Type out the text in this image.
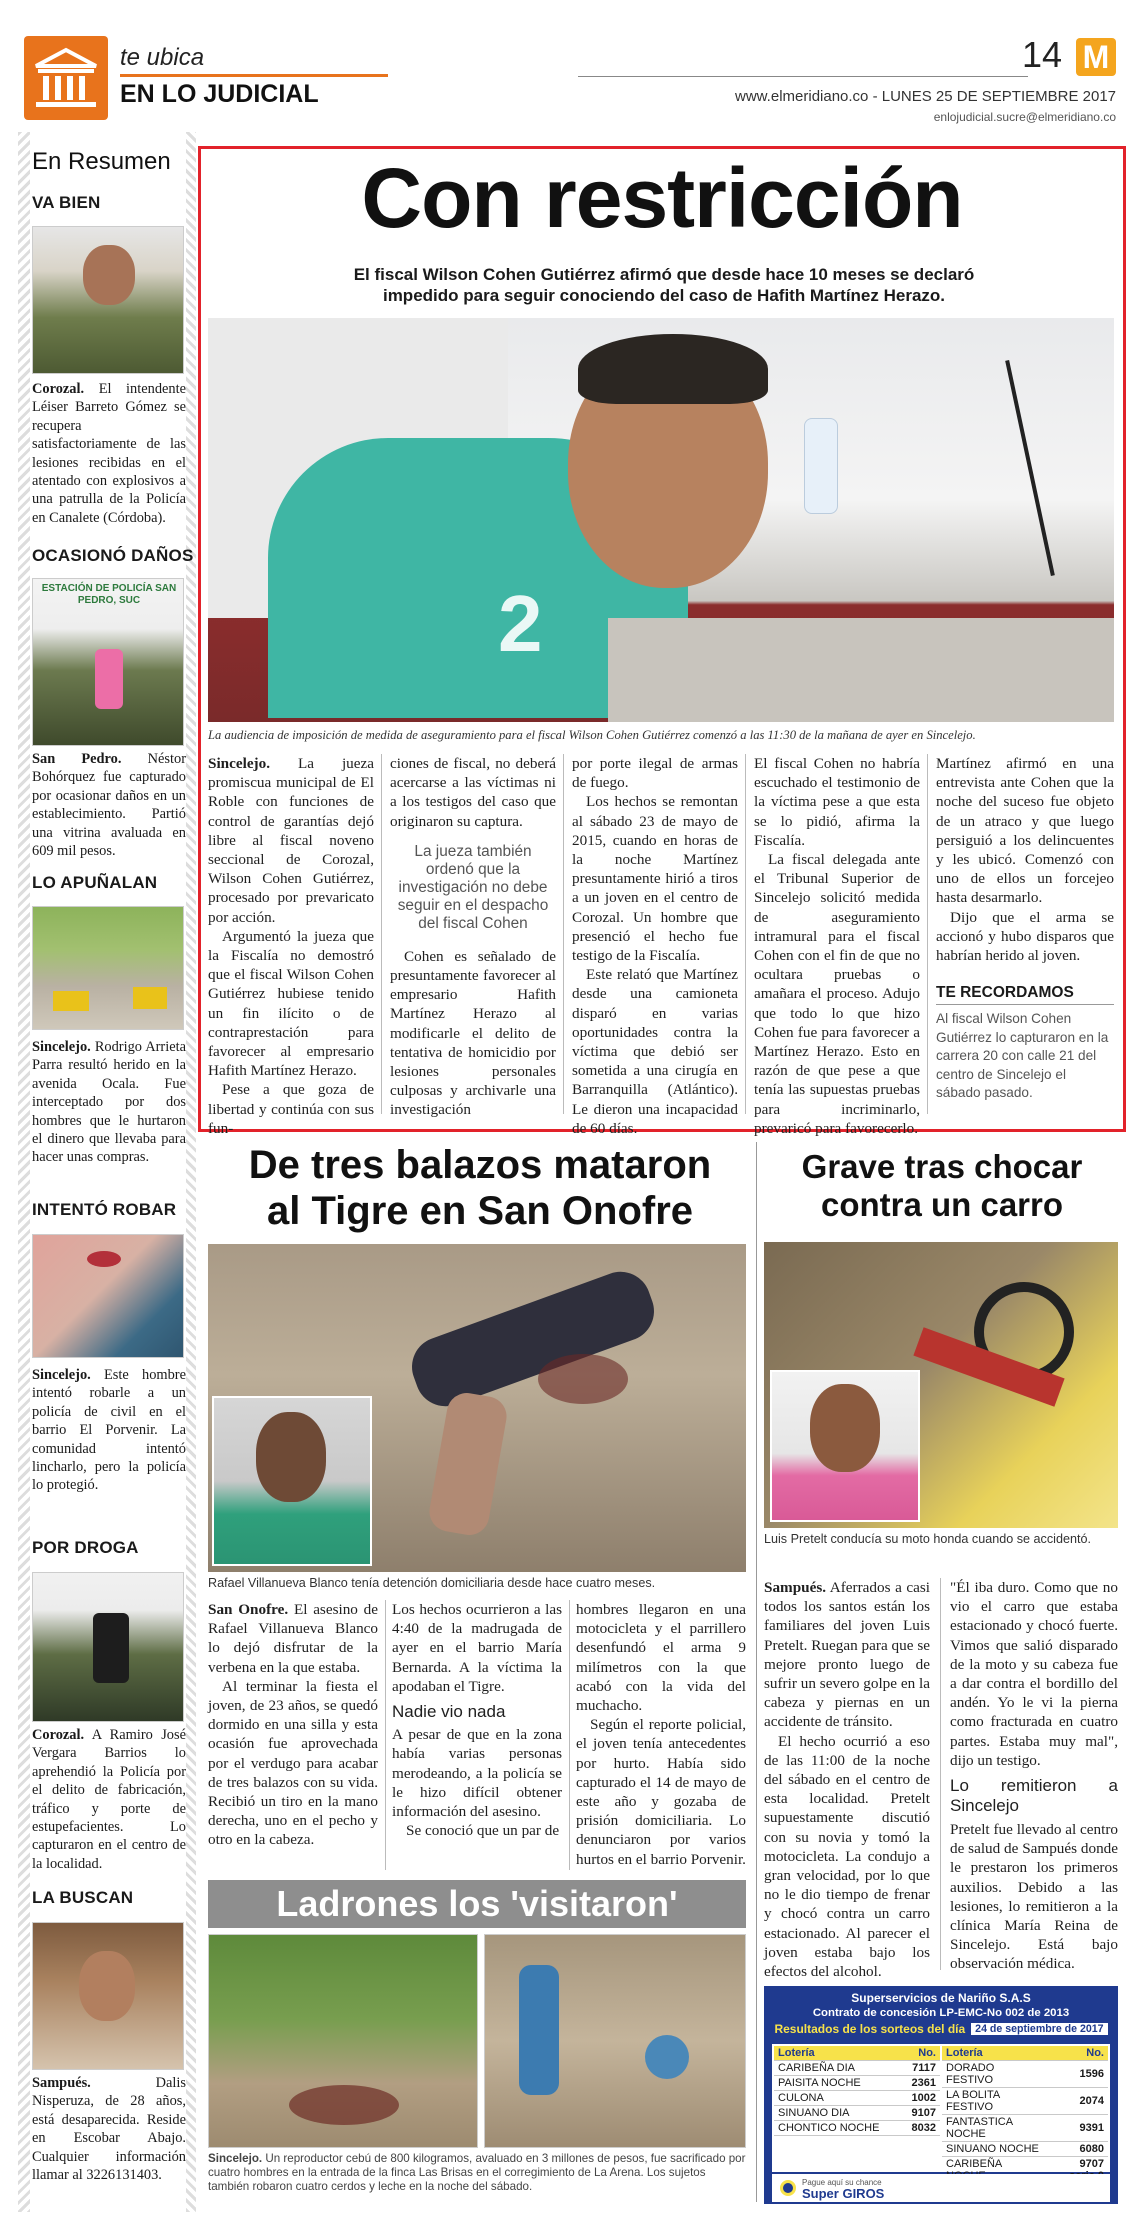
te ubica
EN LO JUDICIAL
14 M
www.elmeridiano.co - LUNES 25 DE SEPTIEMBRE 2017
enlojudicial.sucre@elmeridiano.co
En Resumen
VA BIEN
Corozal. El intendente Léiser Barreto Gómez se recupera satisfactoriamente de las lesiones recibidas en el atentado con explosivos a una patrulla de la Policía en Canalete (Córdoba).
OCASIONÓ DAÑOS
ESTACIÓN DE POLICÍA SAN PEDRO, SUC
San Pedro. Néstor Bohórquez fue capturado por ocasionar daños en un establecimiento. Partió una vitrina avaluada en 609 mil pesos.
LO APUÑALAN
Sincelejo. Rodrigo Arrieta Parra resultó herido en la avenida Ocala. Fue interceptado por dos hombres que le hurtaron el dinero que llevaba para hacer unas compras.
INTENTÓ ROBAR
Sincelejo. Este hombre intentó robarle a un policía de civil en el barrio El Porvenir. La comunidad intentó lincharlo, pero la policía lo protegió.
POR DROGA
Corozal. A Ramiro José Vergara Barrios lo aprehendió la Policía por el delito de fabricación, tráfico y porte de estupefacientes. Lo capturaron en el centro de la localidad.
LA BUSCAN
Sampués.	Dalis Nisperuza, de 28 años, está desaparecida. Reside en Escobar Abajo. Cualquier información llamar al 3226131403.
Con restricción
El fiscal Wilson Cohen Gutiérrez afirmó que desde hace 10 meses se declaró impedido para seguir conociendo del caso de Hafith Martínez Herazo.
2
La audiencia de imposición de medida de aseguramiento para el fiscal Wilson Cohen Gutiérrez comenzó a las 11:30 de la mañana de ayer en Sincelejo.

Sincelejo. La jueza promiscua municipal de El Roble con funciones de control de garantías dejó libre al fiscal noveno seccional de Corozal, Wilson Cohen Gutiérrez, procesado por prevaricato por acción.

Argumentó la jueza que la Fiscalía no demostró que el fiscal Wilson Cohen Gutiérrez hubiese tenido un fin ilícito o de contraprestación para favorecer al empresario Hafith Martínez Herazo.

Pese a que goza de libertad y continúa con sus fun-

ciones de fiscal, no deberá acercarse a las víctimas ni a los testigos del caso que originaron su captura.

La jueza también ordenó que la investigación no debe seguir en el despacho del fiscal Cohen

Cohen es señalado de presuntamente favorecer al empresario Hafith Martínez Herazo al modificarle el delito de tentativa de homicidio por lesiones personales culposas y archivarle una investigación

por porte ilegal de armas de fuego.

Los hechos se remontan al sábado 23 de mayo de 2015, cuando en horas de la noche Martínez presuntamente hirió a tiros a un joven en el centro de Corozal. Un hombre que presenció el hecho fue testigo de la Fiscalía.

Este relató que Martínez desde una camioneta disparó en varias oportunidades contra la víctima que debió ser sometida a una cirugía en Barranquilla (Atlántico). Le dieron una incapacidad de 60 días.

El fiscal Cohen no habría escuchado el testimonio de la víctima pese a que esta se lo pidió, afirma la Fiscalía.

La fiscal delegada ante el Tribunal Superior de Sincelejo solicitó medida de aseguramiento intramural para el fiscal Cohen con el fin de que no ocultara pruebas o amañara el proceso. Adujo que todo lo que hizo Cohen fue para favorecer a Martínez Herazo. Esto en razón de que pese a que tenía las supuestas pruebas para incriminarlo, prevaricó para favorecerlo.

Martínez afirmó en una entrevista ante Cohen que la noche del suceso fue objeto de un atraco y que luego persiguió a los delincuentes y les ubicó. Comenzó con uno de ellos un forcejeo hasta desarmarlo.

Dijo que el arma se accionó y hubo disparos que habrían herido al joven.

TE RECORDAMOS
Al fiscal Wilson Cohen Gutiérrez lo capturaron en la carrera 20 con calle 21 del centro de Sincelejo el sábado pasado.
De tres balazos mataron
al Tigre en San Onofre
Rafael Villanueva Blanco tenía detención domiciliaria desde hace cuatro meses.

San Onofre. El asesino de Rafael Villanueva Blanco lo dejó disfrutar de la verbena en la que estaba.

Al terminar la fiesta el joven, de 23 años, se quedó dormido en una silla y esta ocasión fue aprovechada por el verdugo para acabar de tres balazos con su vida. Recibió un tiro en la mano derecha, uno en el pecho y otro en la cabeza.

Los hechos ocurrieron a las 4:40 de la madrugada de ayer en el barrio María Bernarda. A la víctima la apodaban el Tigre.

Nadie vio nada

A pesar de que en la zona había varias personas merodeando, a la policía se le hizo difícil obtener información del asesino.

Se conoció que un par de

hombres llegaron en una motocicleta y el parrillero desenfundó el arma 9 milímetros con la que acabó con la vida del muchacho.

Según el reporte policial, el joven tenía antecedentes por hurto. Había sido capturado el 14 de mayo de este año y gozaba de prisión domiciliaria. Lo denunciaron por varios hurtos en el barrio Porvenir.

Ladrones los 'visitaron'
Sincelejo. Un reproductor cebú de 800 kilogramos, avaluado en 3 millones de pesos, fue sacrificado por cuatro hombres en la entrada de la finca Las Brisas en el corregimiento de La Arena. Los sujetos también robaron cuatro cerdos y leche en la noche del sábado.
Grave tras chocar
contra un carro
Luis Pretelt conducía su moto honda cuando se accidentó.

Sampués. Aferrados a casi todos los santos están los familiares del joven Luis Pretelt. Ruegan para que se mejore pronto luego de sufrir un severo golpe en la cabeza y piernas en un accidente de tránsito.

El hecho ocurrió a eso de las 11:00 de la noche del sábado en el centro de esta localidad. Pretelt supuestamente discutió con su novia y tomó la motocicleta. La condujo a gran velocidad, por lo que no le dio tiempo de frenar y chocó contra un carro estacionado. Al parecer el joven estaba bajo los efectos del alcohol.

"Él iba duro. Como que no vio el carro que estaba estacionado y chocó fuerte. Vimos que salió disparado de la moto y su cabeza fue a dar contra el bordillo del andén. Yo le vi la pierna como fracturada en cuatro partes. Estaba muy mal", dijo un testigo.

Lo remitieron a Sincelejo

Pretelt fue llevado al centro de salud de Sampués donde le prestaron los primeros auxilios. Debido a las lesiones, lo remitieron a la clínica María Reina de Sincelejo. Está bajo observación médica.

Superservicios de Nariño S.A.S
Contrato de concesión LP-EMC-No 002 de 2013
Resultados de los sorteos del día 24 de septiembre de 2017
Lotería	No.
CARIBEÑA DIA	7117
PAISITA NOCHE	2361
CULONA	1002
SINUANO DIA	9107
CHONTICO NOCHE	8032
Lotería	No.
DORADO FESTIVO	1596
LA BOLITA FESTIVO	2074
FANTASTICA NOCHE	9391
SINUANO NOCHE	6080
CARIBEÑA	9707
Pague aquí su chance
Super GIROS
